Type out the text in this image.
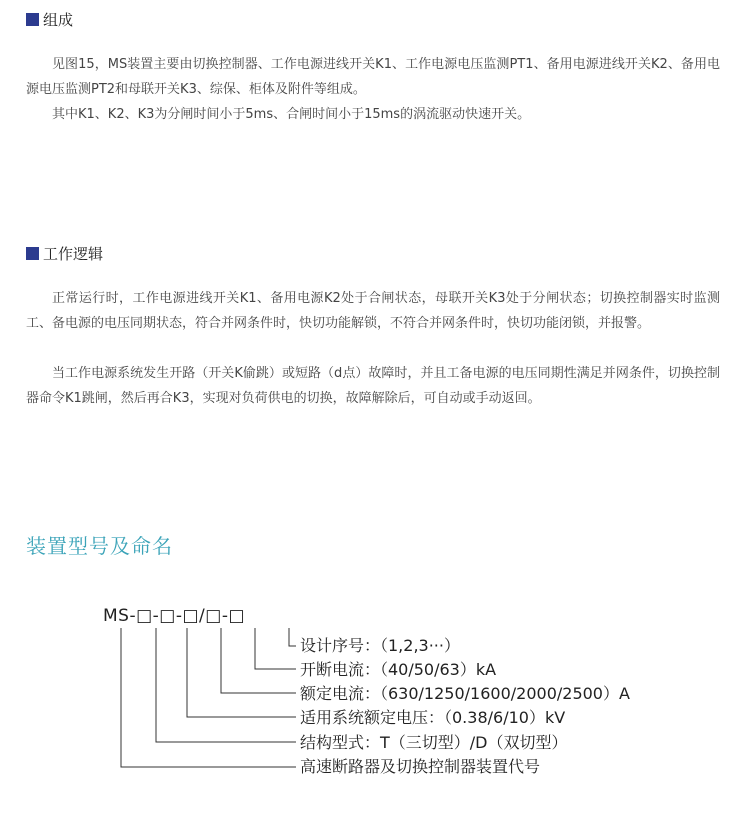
组成

见图15，MS装置主要由切换控制器、工作电源进线开关K1、工作电源电压监测PT1、备用电源进线开关K2、备用电源电压监测PT2和母联开关K3、综保、柜体及附件等组成。

其中K1、K2、K3为分闸时间小于5ms、合闸时间小于15ms的涡流驱动快速开关。

工作逻辑

正常运行时，工作电源进线开关K1、备用电源K2处于合闸状态，母联开关K3处于分闸状态；切换控制器实时监测工、备电源的电压同期状态，符合并网条件时，快切功能解锁，不符合并网条件时，快切功能闭锁，并报警。

当工作电源系统发生开路（开关K偷跳）或短路（d点）故障时，并且工备电源的电压同期性满足并网条件，切换控制器命令K1跳闸，然后再合K3，实现对负荷供电的切换，故障解除后，可自动或手动返回。

装置型号及命名
MS-□-□-□/□-□
设计序号：（1,2,3···）
开断电流：（40/50/63）kA
额定电流：（630/1250/1600/2000/2500）A
适用系统额定电压：（0.38/6/10）kV
结构型式：T（三切型）/D（双切型）
高速断路器及切换控制器装置代号
